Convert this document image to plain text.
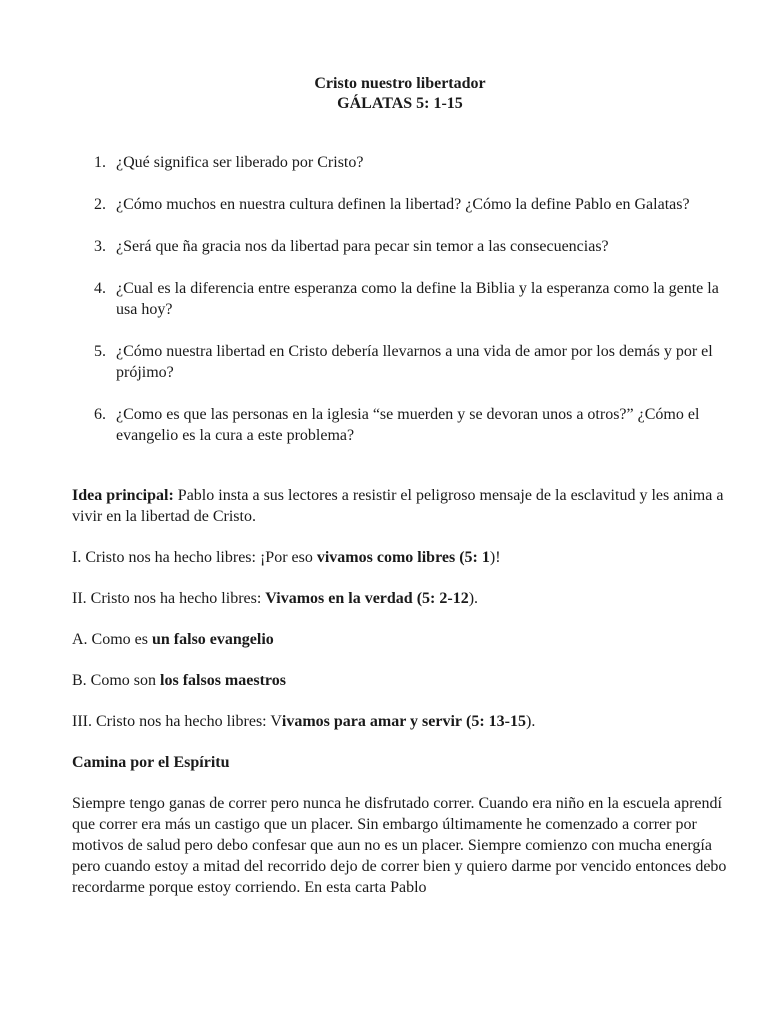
Cristo nuestro libertador
GÁLATAS 5: 1-15
1. ¿Qué significa ser liberado por Cristo?
2. ¿Cómo muchos en nuestra cultura definen la libertad? ¿Cómo la define Pablo en Galatas?
3. ¿Será que ña gracia nos da libertad para pecar sin temor a las consecuencias?
4. ¿Cual es la diferencia entre esperanza como la define la Biblia y la esperanza como la gente la usa hoy?
5. ¿Cómo nuestra libertad en Cristo debería llevarnos a una vida de amor por los demás y por el prójimo?
6. ¿Como es que las personas en la iglesia “se muerden y se devoran unos a otros?” ¿Cómo el evangelio es la cura a este problema?

Idea principal: Pablo insta a sus lectores a resistir el peligroso mensaje de la esclavitud y les anima a vivir en la libertad de Cristo.

I. Cristo nos ha hecho libres: ¡Por eso vivamos como libres (5: 1)!

II. Cristo nos ha hecho libres: Vivamos en la verdad (5: 2-12).

A. Como es un falso evangelio

B. Como son los falsos maestros

III. Cristo nos ha hecho libres: Vivamos para amar y servir (5: 13-15).

Camina por el Espíritu

Siempre tengo ganas de correr pero nunca he disfrutado correr. Cuando era niño en la escuela aprendí que correr era más un castigo que un placer. Sin embargo últimamente he comenzado a correr por motivos de salud pero debo confesar que aun no es un placer. Siempre comienzo con mucha energía pero cuando estoy a mitad del recorrido dejo de correr bien y quiero darme por vencido entonces debo recordarme porque estoy corriendo. En esta carta Pablo
